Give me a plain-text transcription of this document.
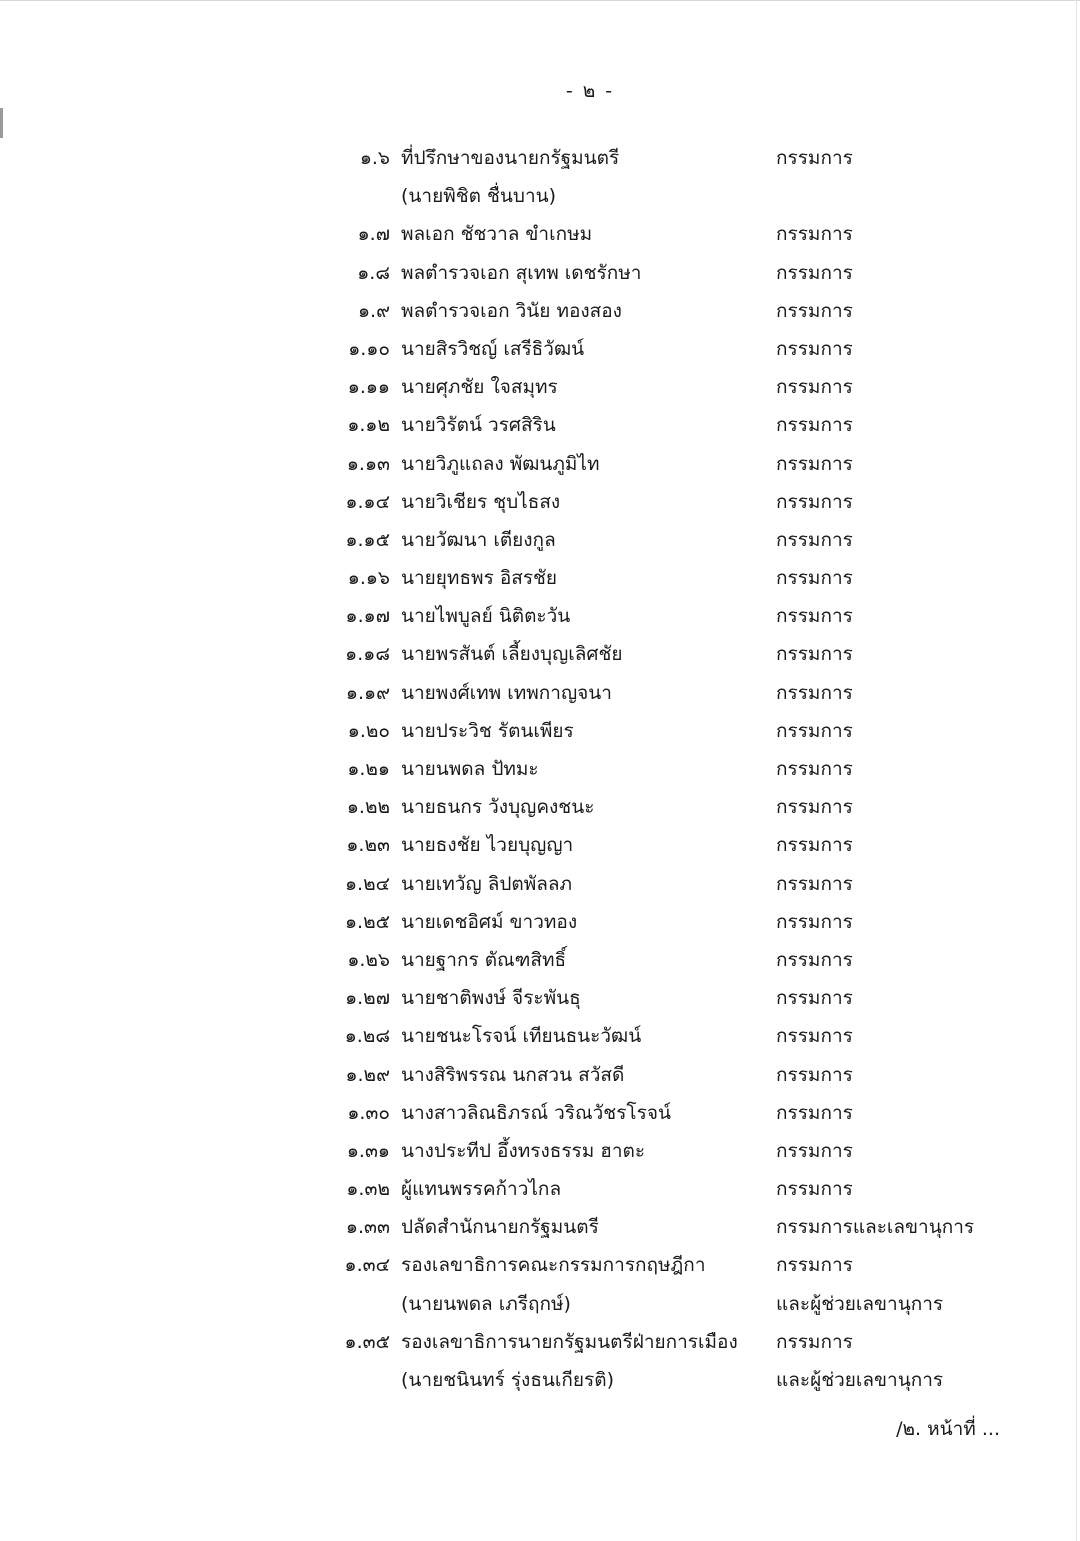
- ๒ -
๑.๖ ที่ปรึกษาของนายกรัฐมนตรี	กรรมการ
(นายพิชิต ชื่นบาน)
๑.๗ พลเอก ชัชวาล ขำเกษม	กรรมการ
๑.๘ พลตำรวจเอก สุเทพ เดชรักษา	กรรมการ
๑.๙ พลตำรวจเอก วินัย ทองสอง	กรรมการ
๑.๑๐ นายสิรวิชญ์ เสรีธิวัฒน์	กรรมการ
๑.๑๑ นายศุภชัย ใจสมุทร	กรรมการ
๑.๑๒ นายวิรัตน์ วรศสิริน	กรรมการ
๑.๑๓ นายวิภูแถลง พัฒนภูมิไท	กรรมการ
๑.๑๔ นายวิเชียร ชุบไธสง	กรรมการ
๑.๑๕ นายวัฒนา เตียงกูล	กรรมการ
๑.๑๖ นายยุทธพร อิสรชัย	กรรมการ
๑.๑๗ นายไพบูลย์ นิติตะวัน	กรรมการ
๑.๑๘ นายพรสันต์ เลี้ยงบุญเลิศชัย	กรรมการ
๑.๑๙ นายพงศ์เทพ เทพกาญจนา	กรรมการ
๑.๒๐ นายประวิช รัตนเพียร	กรรมการ
๑.๒๑ นายนพดล ปัทมะ	กรรมการ
๑.๒๒ นายธนกร วังบุญคงชนะ	กรรมการ
๑.๒๓ นายธงชัย ไวยบุญญา	กรรมการ
๑.๒๔ นายเทวัญ ลิปตพัลลภ	กรรมการ
๑.๒๕ นายเดชอิศม์ ขาวทอง	กรรมการ
๑.๒๖ นายฐากร ตัณฑสิทธิ์	กรรมการ
๑.๒๗ นายชาติพงษ์ จีระพันธุ	กรรมการ
๑.๒๘ นายชนะโรจน์ เทียนธนะวัฒน์	กรรมการ
๑.๒๙ นางสิริพรรณ นกสวน สวัสดี	กรรมการ
๑.๓๐ นางสาวลิณธิภรณ์ วริณวัชรโรจน์	กรรมการ
๑.๓๑ นางประทีป อึ้งทรงธรรม ฮาตะ	กรรมการ
๑.๓๒ ผู้แทนพรรคก้าวไกล	กรรมการ
๑.๓๓ ปลัดสำนักนายกรัฐมนตรี	กรรมการและเลขานุการ
๑.๓๔ รองเลขาธิการคณะกรรมการกฤษฎีกา	กรรมการ
(นายนพดล เภรีฤกษ์)	และผู้ช่วยเลขานุการ
๑.๓๕ รองเลขาธิการนายกรัฐมนตรีฝ่ายการเมือง กรรมการ
(นายชนินทร์ รุ่งธนเกียรติ)	และผู้ช่วยเลขานุการ
/๒. หน้าที่ ...
